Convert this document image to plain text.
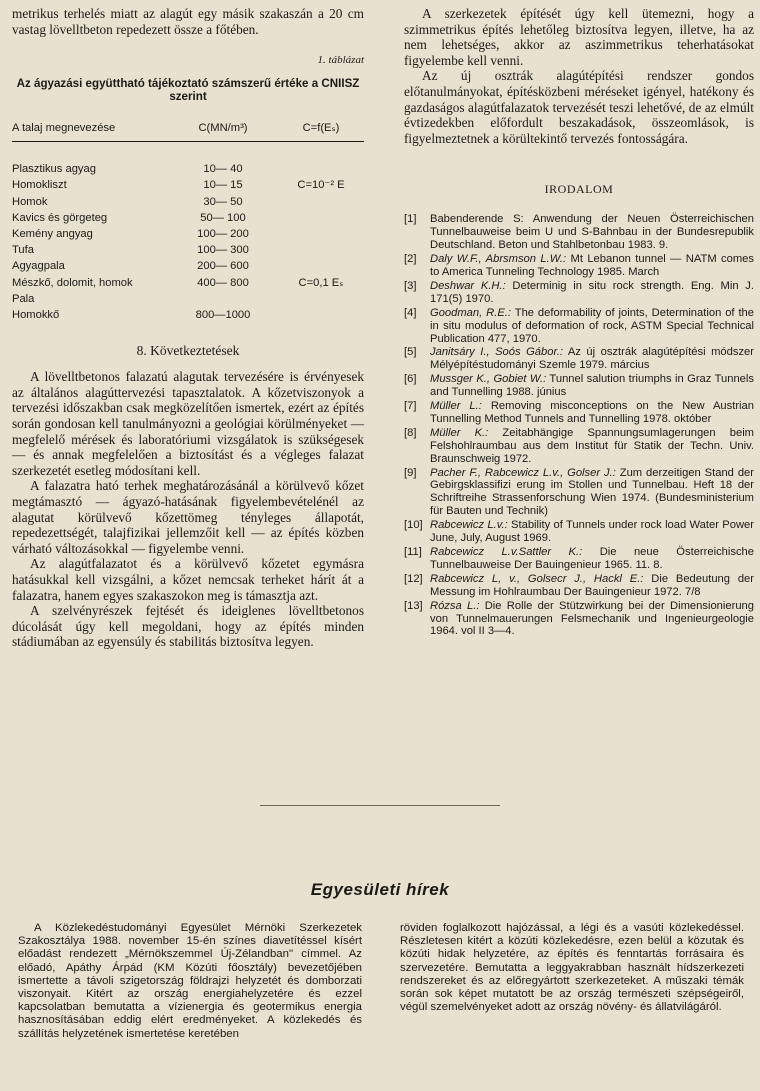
metrikus terhelés miatt az alagút egy másik szakaszán a 20 cm vastag lövelltbeton repedezett össze a főtében.

1. táblázat
Az ágyazási együttható tájékoztató számszerű értéke a CNIISZ szerint
A talaj megnevezése	C(MN/m³)	C=f(Eₛ)
Plasztikus agyag	10— 40	
Homokliszt	10— 15	C=10⁻² E
Homok	30— 50	
Kavics és görgeteg	50— 100	
Kemény angyag	100— 200	
Tufa	100— 300	
Agyagpala	200— 600	
Mészkő, dolomit, homok	400— 800	C=0,1 Eₛ
Pala		
Homokkő	800—1000	
8. Következtetések

A lövelltbetonos falazatú alagutak tervezésére is érvényesek az általános alagúttervezési tapasztalatok. A kőzetviszonyok a tervezési időszakban csak megközelítően ismertek, ezért az építés során gondosan kell tanulmányozni a geológiai körülményeket — megfelelő mérések és laboratóriumi vizsgálatok is szükségesek — és annak megfelelően a biztosítást és a végleges falazat szerkezetét esetleg módosítani kell.

A falazatra ható terhek meghatározásánál a körülvevő kőzet megtámasztó — ágyazó-hatásának figyelembevételénél az alagutat körülvevő kőzettömeg tényleges állapotát, repedezettségét, talajfizikai jellemzőit kell — az építés közben várható változásokkal — figyelembe venni.

Az alagútfalazatot és a körülvevő kőzetet egymásra hatásukkal kell vizsgálni, a kőzet nemcsak terheket hárít át a falazatra, hanem egyes szakaszokon meg is támasztja azt.

A szelvényrészek fejtését és ideiglenes lövelltbetonos dúcolását úgy kell megoldani, hogy az építés minden stádiumában az egyensúly és stabilitás biztosítva legyen.

A szerkezetek építését úgy kell ütemezni, hogy a szimmetrikus építés lehetőleg biztosítva legyen, illetve, ha az nem lehetséges, akkor az aszimmetrikus teherhatásokat figyelembe kell venni.

Az új osztrák alagútépítési rendszer gondos előtanulmányokat, építésközbeni méréseket igényel, hatékony és gazdaságos alagútfalazatok tervezését teszi lehetővé, de az elmúlt évtizedekben előfordult beszakadások, összeomlások, is figyelmeztetnek a körültekintő tervezés fontosságára.

IRODALOM
[1]	Babenderende S: Anwendung der Neuen Österreichischen Tunnelbauweise beim U und S-Bahnbau in der Bundesrepublik Deutschland. Beton und Stahlbetonbau 1983. 9.
[2]	Daly W.F., Abrsmson L.W.: Mt Lebanon tunnel — NATM comes to America Tunneling Technology 1985. March
[3]	Deshwar K.H.: Determinig in situ rock strength. Eng. Min J. 171(5) 1970.
[4]	Goodman, R.E.: The deformability of joints, Determination of the in situ modulus of deformation of rock, ASTM Special Technical Publication 477, 1970.
[5]	Janitsáry I., Soós Gábor.: Az új osztrák alagútépítési módszer Mélyépítéstudományi Szemle 1979. március
[6]	Mussger K., Gobiet W.: Tunnel salution triumphs in Graz Tunnels and Tunnelling 1988. június
[7]	Müller L.: Removing misconceptions on the New Austrian Tunnelling Method Tunnels and Tunnelling 1978. október
[8]	Müller K.: Zeitabhängige Spannungsumlagerungen beim Felshohlraumbau aus dem Institut für Statik der Techn. Univ. Braunschweig 1972.
[9]	Pacher F., Rabcewicz L.v., Golser J.: Zum derzeitigen Stand der Gebirgsklassifizi erung im Stollen und Tunnelbau. Heft 18 der Schriftreihe Strassenforschung Wien 1974. (Bundesministerium für Bauten und Technik)
[10] Rabcewicz L.v.: Stability of Tunnels under rock load Water Power June, July, August 1969.
[11] Rabcewicz L.v.Sattler K.: Die neue Österreichische Tunnelbauweise Der Bauingenieur 1965. 11. 8.
[12] Rabcewicz L, v., Golsecr J., Hackl E.: Die Bedeutung der Messung im Hohlraumbau Der Bauingenieur 1972. 7/8
[13] Rózsa L.: Die Rolle der Stützwirkung bei der Dimensionierung von Tunnelmauerungen Felsmechanik und Ingenieurgeologie 1964. vol II 3—4.
Egyesületi hírek
A Közlekedéstudományi Egyesület Mérnöki Szerkezetek Szakosztálya 1988. november 15-én színes diavetítéssel kísért előadást rendezett „Mérnökszemmel Új-Zélandban" címmel. Az előadó, Apáthy Árpád (KM Közúti főosztály) bevezetőjében ismertette a távoli szigetország földrajzi helyzetét és domborzati viszonyait. Kitért az ország energiahelyzetére és ezzel kapcsolatban bemutatta a vízienergia és geotermikus energia hasznosításában eddig elért eredményeket. A közlekedés és szállítás helyzetének ismertetése keretében
röviden foglalkozott hajózással, a légi és a vasúti közlekedéssel. Részletesen kitért a közúti közlekedésre, ezen belül a közutak és közúti hidak helyzetére, az építés és fenntartás forrásaira és szervezetére. Bemutatta a leggyakrabban használt hídszerkezeti rendszereket és az előregyártott szerkezeteket. A műszaki témák során sok képet mutatott be az ország természeti szépségeiről, végül szemelvényeket adott az ország növény- és állatvilágáról.
